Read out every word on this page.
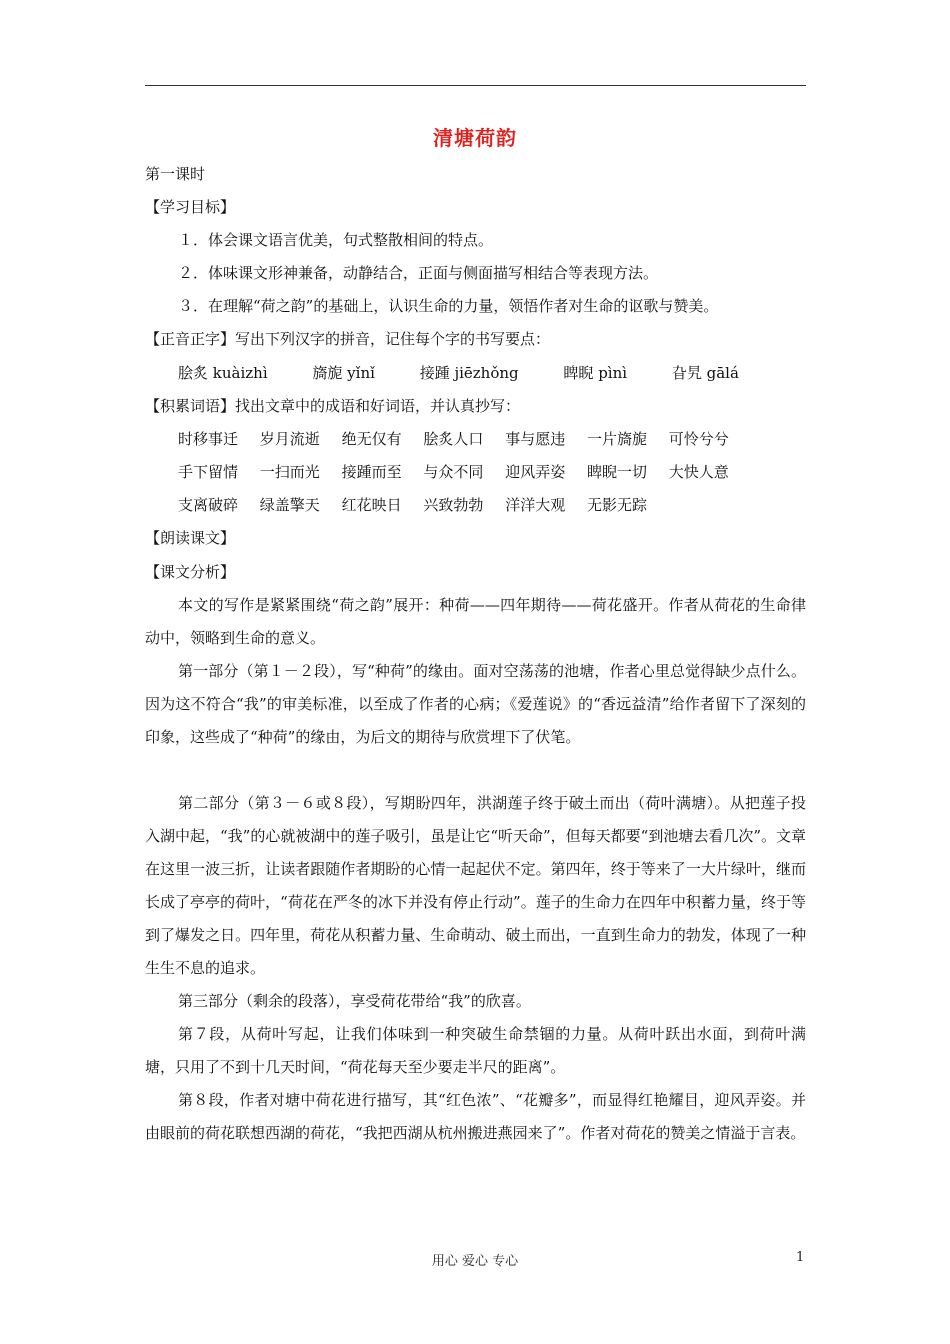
清塘荷韵
第一课时
【学习目标】
１．体会课文语言优美，句式整散相间的特点。
２．体味课文形神兼备，动静结合，正面与侧面描写相结合等表现方法。
３．在理解“荷之韵”的基础上，认识生命的力量，领悟作者对生命的讴歌与赞美。
【正音正字】写出下列汉字的拼音，记住每个字的书写要点：
脍炙 kuàizhì	旖旎 yǐnǐ	接踵 jiēzhǒng	睥睨 pìnì	旮旯 gālá
【积累词语】找出文章中的成语和好词语，并认真抄写：
时移事迁 岁月流逝 绝无仅有 脍炙人口 事与愿违 一片旖旎 可怜兮兮
手下留情 一扫而光 接踵而至 与众不同 迎风弄姿 睥睨一切 大快人意
支离破碎 绿盖擎天 红花映日 兴致勃勃 洋洋大观 无影无踪
【朗读课文】
【课文分析】
本文的写作是紧紧围绕“荷之韵”展开：种荷——四年期待——荷花盛开。作者从荷花的生命律动中，领略到生命的意义。
第一部分（第１－２段），写“种荷”的缘由。面对空荡荡的池塘，作者心里总觉得缺少点什么。因为这不符合“我”的审美标准，以至成了作者的心病；《爱莲说》的“香远益清”给作者留下了深刻的印象，这些成了“种荷”的缘由，为后文的期待与欣赏埋下了伏笔。
第二部分（第３－６或８段），写期盼四年，洪湖莲子终于破土而出（荷叶满塘）。从把莲子投入湖中起，“我”的心就被湖中的莲子吸引，虽是让它“听天命”，但每天都要“到池塘去看几次”。文章在这里一波三折，让读者跟随作者期盼的心情一起起伏不定。第四年，终于等来了一大片绿叶，继而长成了亭亭的荷叶，“荷花在严冬的冰下并没有停止行动”。莲子的生命力在四年中积蓄力量，终于等到了爆发之日。四年里，荷花从积蓄力量、生命萌动、破土而出，一直到生命力的勃发，体现了一种生生不息的追求。
第三部分（剩余的段落），享受荷花带给“我”的欣喜。
第７段，从荷叶写起，让我们体味到一种突破生命禁锢的力量。从荷叶跃出水面，到荷叶满塘，只用了不到十几天时间，“荷花每天至少要走半尺的距离”。
第８段，作者对塘中荷花进行描写，其“红色浓”、“花瓣多”，而显得红艳耀目，迎风弄姿。并由眼前的荷花联想西湖的荷花，“我把西湖从杭州搬进燕园来了”。作者对荷花的赞美之情溢于言表。
用心 爱心 专心	1
